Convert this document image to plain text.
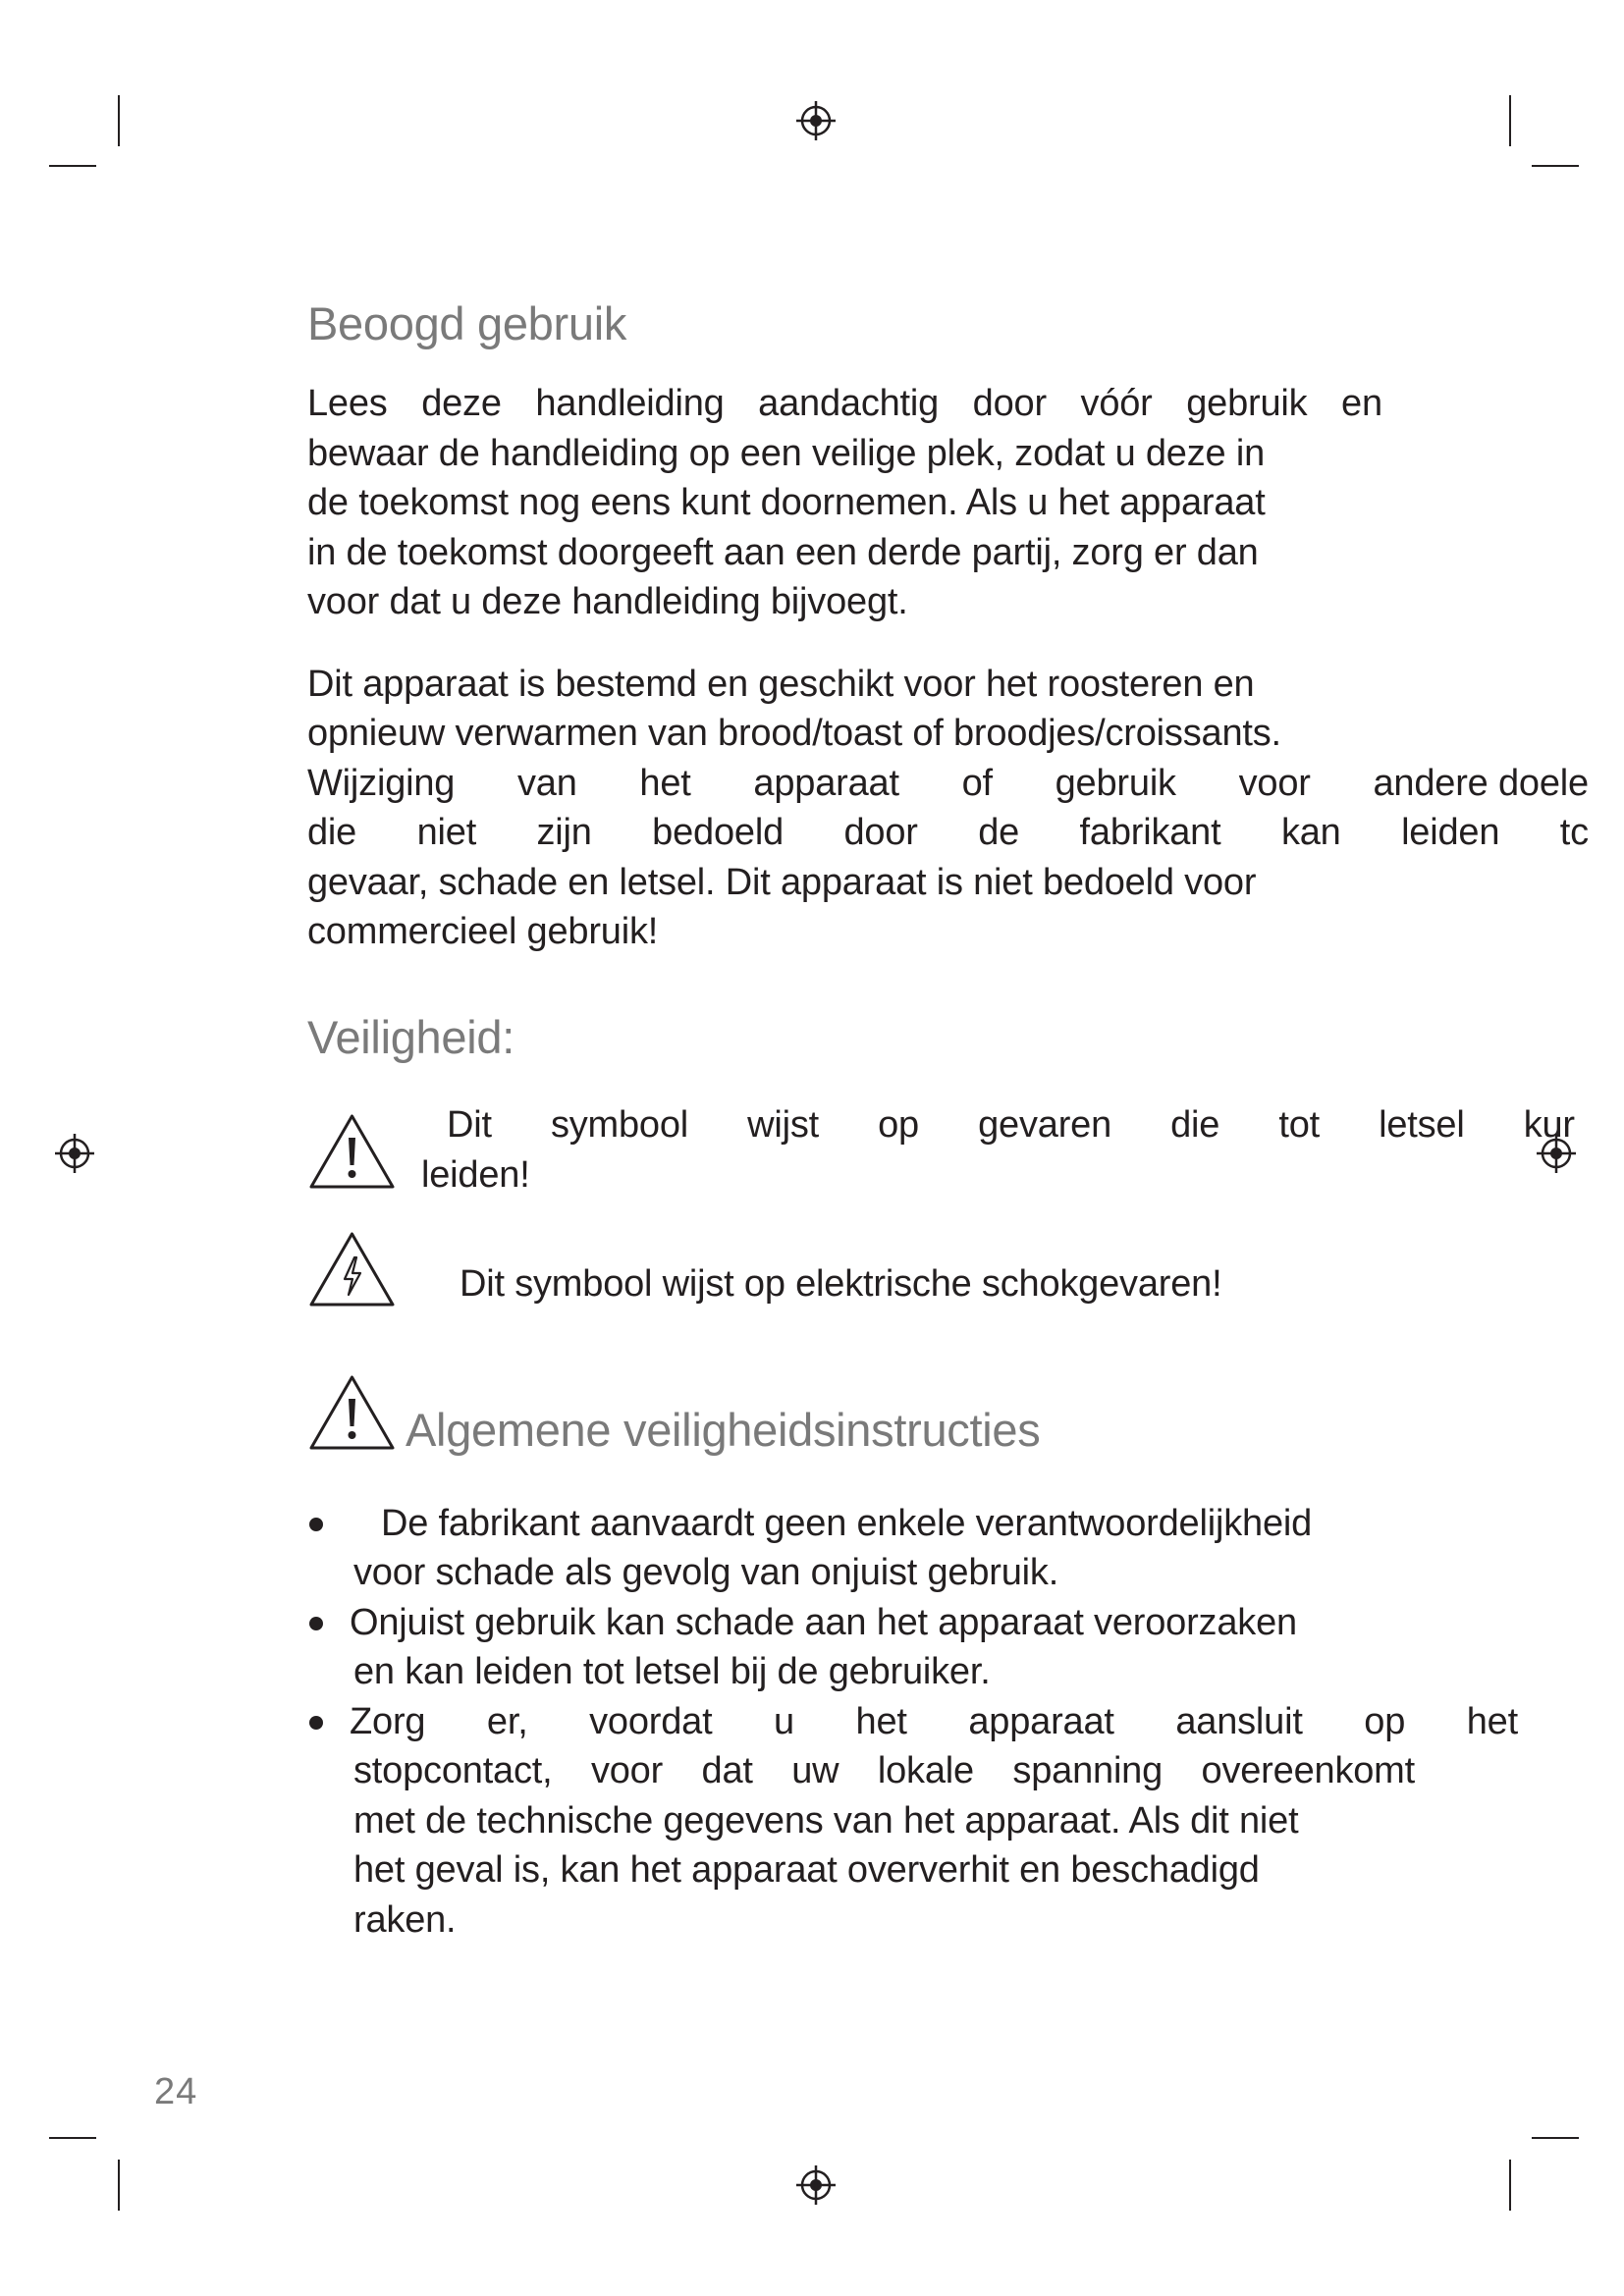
Beoogd gebruik
Lees deze handleiding aandachtig door vóór gebruik en
bewaar de handleiding op een veilige plek, zodat u deze in
de toekomst nog eens kunt doornemen. Als u het apparaat
in de toekomst doorgeeft aan een derde partij, zorg er dan
voor dat u deze handleiding bijvoegt.
Dit apparaat is bestemd en geschikt voor het roosteren en
opnieuw verwarmen van brood/toast of broodjes/croissants.
Wijziging van het apparaat of gebruik voor andere doele
die niet zijn bedoeld door de fabrikant kan leiden tc
gevaar, schade en letsel. Dit apparaat is niet bedoeld voor
commercieel gebruik!
Veiligheid:
Dit symbool wijst op gevaren die tot letsel kur
leiden!
Dit symbool wijst op elektrische schokgevaren!
Algemene veiligheidsinstructies
De fabrikant aanvaardt geen enkele verantwoordelijkheid
voor schade als gevolg van onjuist gebruik.
Onjuist gebruik kan schade aan het apparaat veroorzaken
en kan leiden tot letsel bij de gebruiker.
Zorg er, voordat u het apparaat aansluit op het
stopcontact, voor dat uw lokale spanning overeenkomt
met de technische gegevens van het apparaat. Als dit niet
het geval is, kan het apparaat oververhit en beschadigd
raken.
24
